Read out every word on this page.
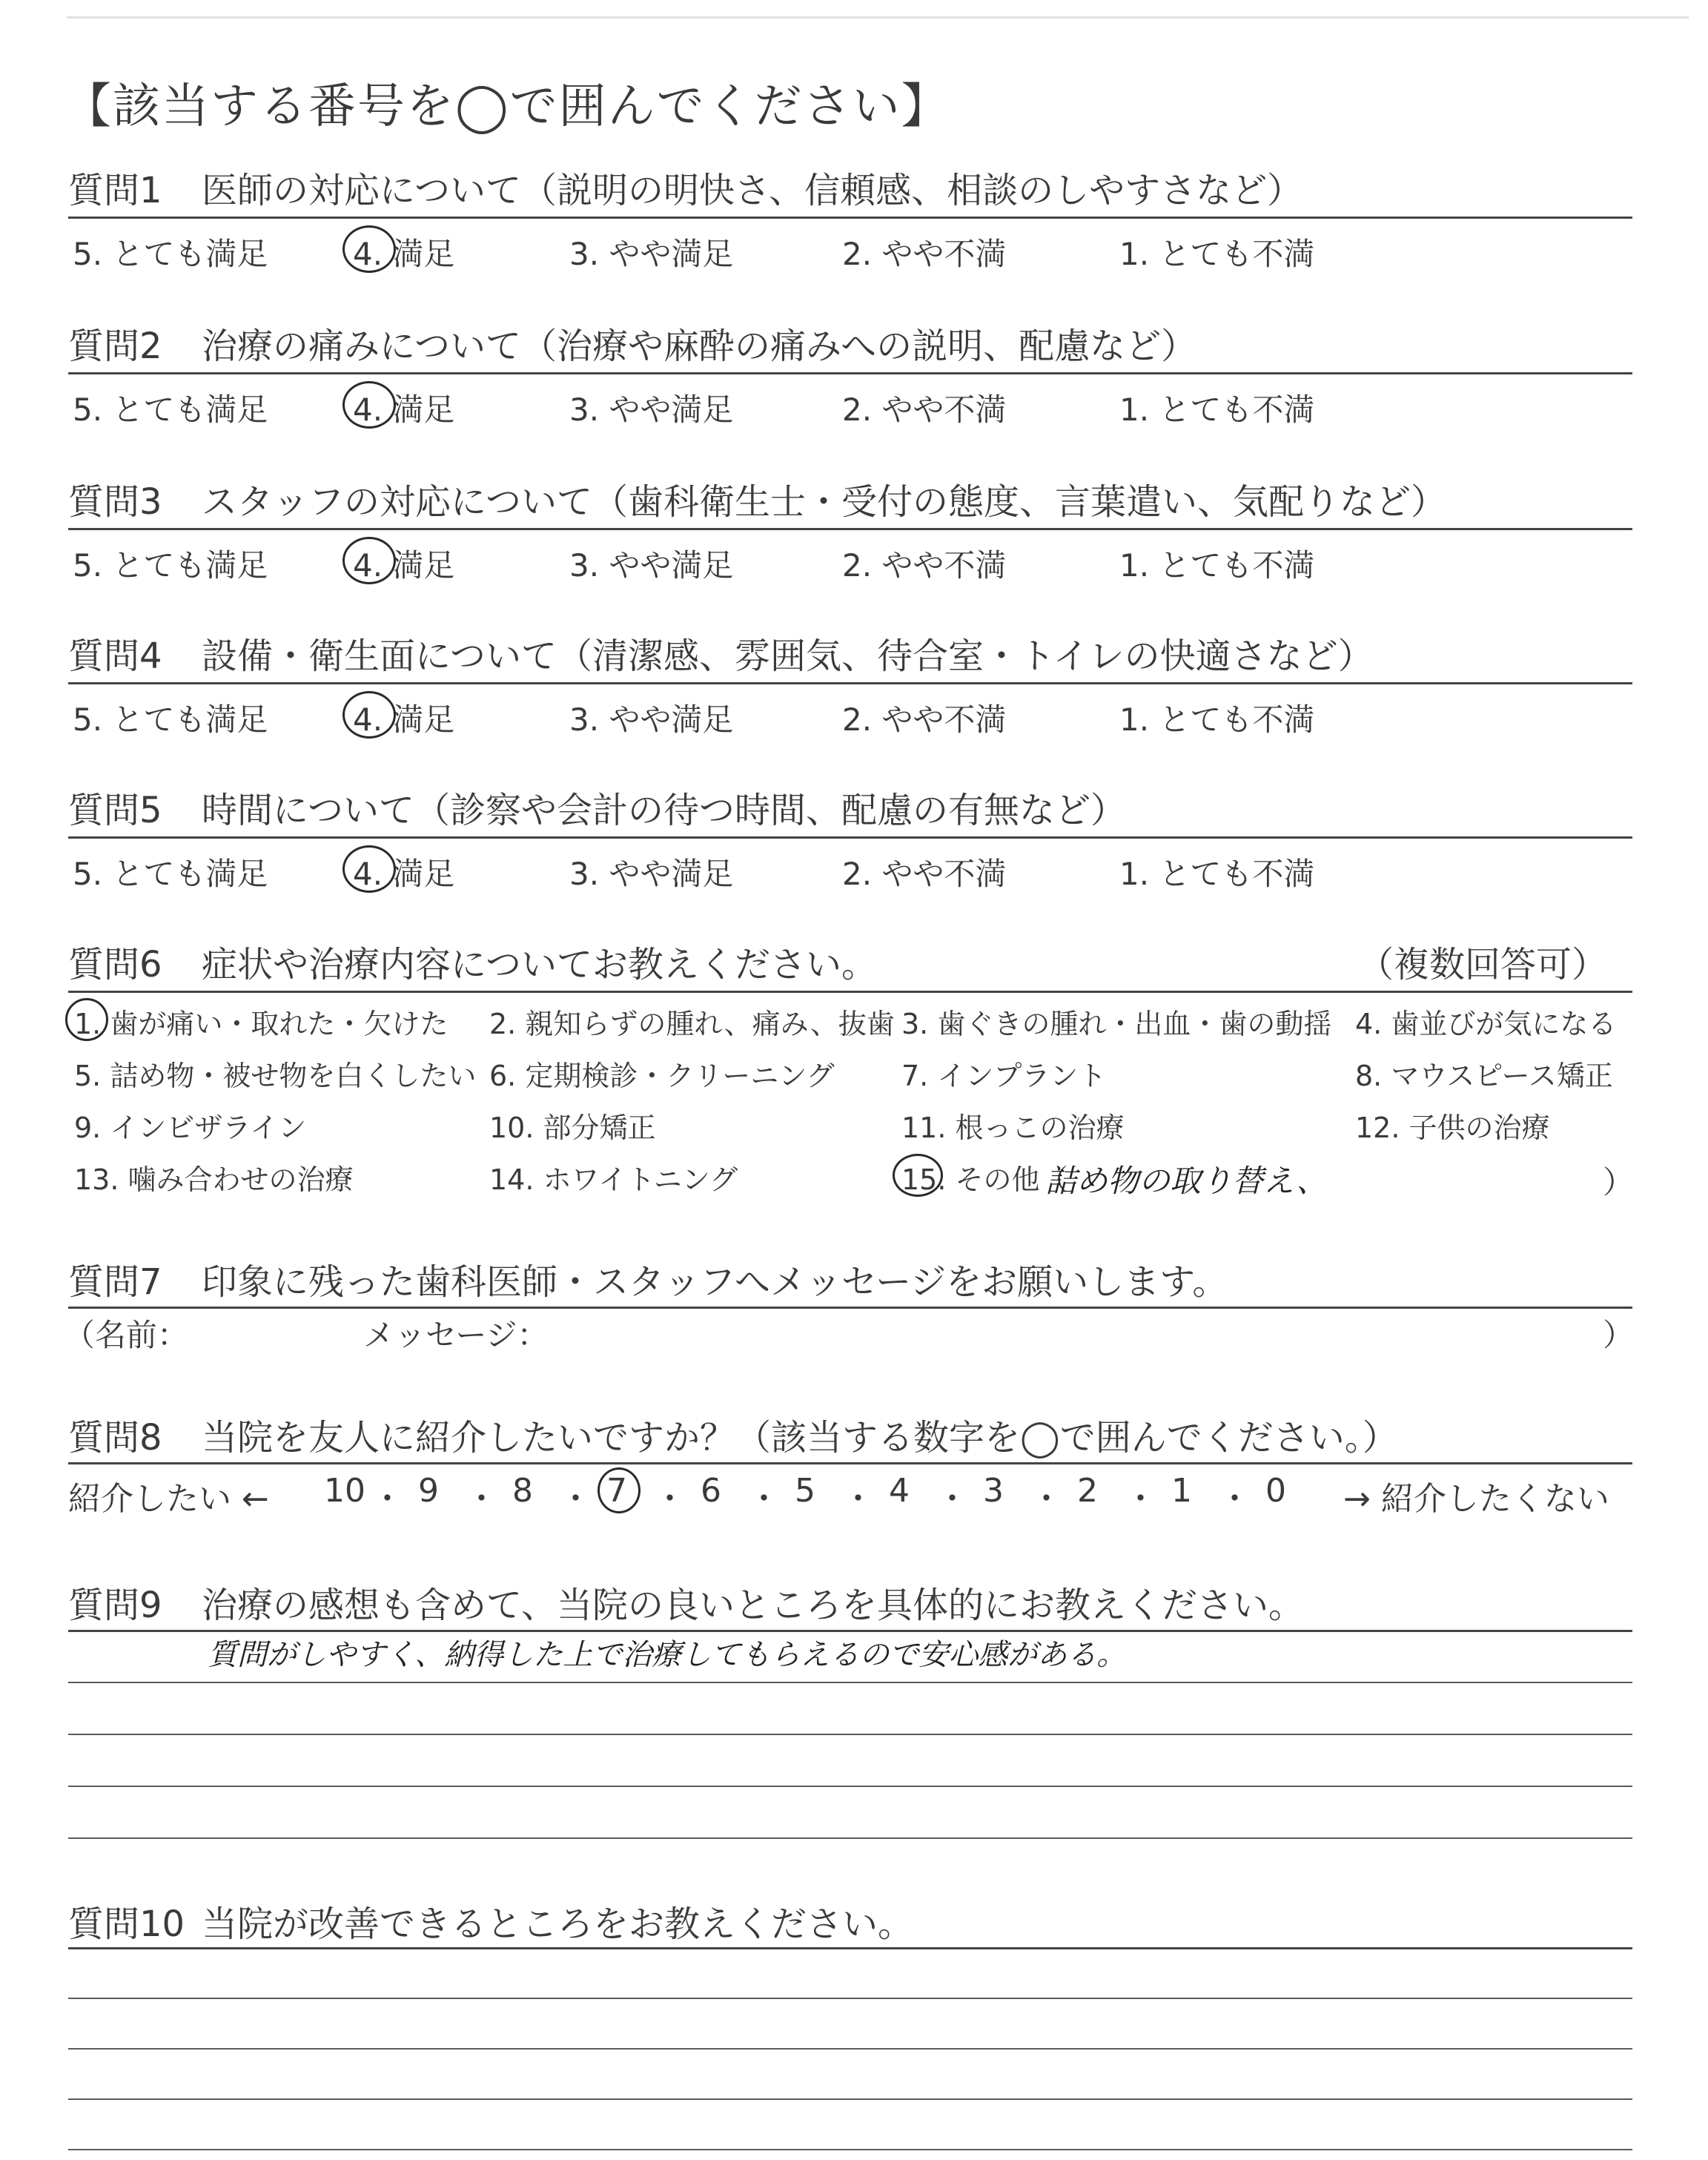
【該当する番号を◯で囲んでください】
質問1 医師の対応について（説明の明快さ、信頼感、相談のしやすさなど）
5. とても満足	4. 満足	3. やや満足	2. やや不満	1. とても不満
質問2 治療の痛みについて（治療や麻酔の痛みへの説明、配慮など）
5. とても満足	4. 満足	3. やや満足	2. やや不満	1. とても不満
質問3 スタッフの対応について（歯科衛生士・受付の態度、言葉遣い、気配りなど）
5. とても満足	4. 満足	3. やや満足	2. やや不満	1. とても不満
質問4 設備・衛生面について（清潔感、雰囲気、待合室・トイレの快適さなど）
5. とても満足	4. 満足	3. やや満足	2. やや不満	1. とても不満
質問5 時間について（診察や会計の待つ時間、配慮の有無など）
5. とても満足	4. 満足	3. やや満足	2. やや不満	1. とても不満
質問6 症状や治療内容についてお教えください。	（複数回答可）
1. 歯が痛い・取れた・欠けた 2. 親知らずの腫れ、痛み、抜歯 3. 歯ぐきの腫れ・出血・歯の動揺 4. 歯並びが気になる
5. 詰め物・被せ物を白くしたい 6. 定期検診・クリーニング 7. インプラント	8. マウスピース矯正
9. インビザライン	10. 部分矯正	11. 根っこの治療	12. 子供の治療
13. 噛み合わせの治療	14. ホワイトニング	15. その他（
詰め物の取り替え、	）
質問7 印象に残った歯科医師・スタッフへメッセージをお願いします。
（名前：	メッセージ：	）
質問8 当院を友人に紹介したいですか？（該当する数字を◯で囲んでください。）
紹介したい ← 10 ・ 9 ・ 8 ・ 7 ・ 6 ・ 5 ・ 4 ・ 3 ・ 2 ・ 1 ・ 0 → 紹介したくない
質問9 治療の感想も含めて、当院の良いところを具体的にお教えください。
質問がしやすく、納得した上で治療してもらえるので安心感がある。
質問10 当院が改善できるところをお教えください。
